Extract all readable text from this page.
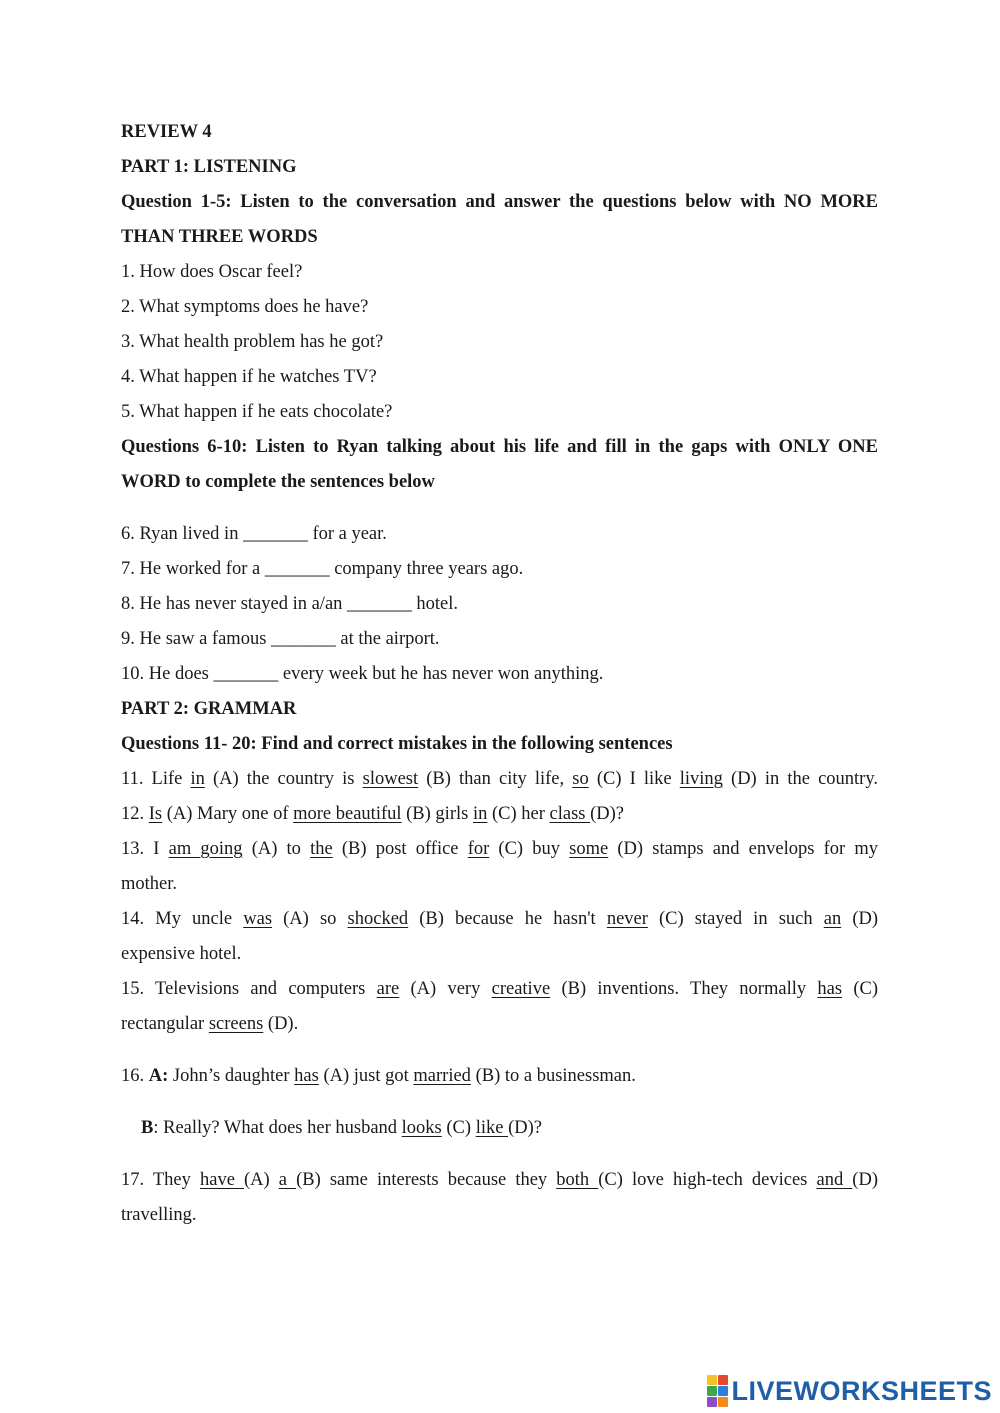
REVIEW 4
PART 1: LISTENING
Question 1-5: Listen to the conversation and answer the questions below with NO MORE
THAN THREE WORDS
1. How does Oscar feel?
2. What symptoms does he have?
3. What health problem has he got?
4. What happen if he watches TV?
5. What happen if he eats chocolate?
Questions 6-10: Listen to Ryan talking about his life and fill in the gaps with ONLY ONE
WORD to complete the sentences below
6. Ryan lived in _______ for a year.
7. He worked for a _______ company three years ago.
8. He has never stayed in a/an _______ hotel.
9. He saw a famous _______ at the airport.
10. He does _______ every week but he has never won anything.
PART 2: GRAMMAR
Questions 11- 20: Find and correct mistakes in the following sentences
11. Life in (A) the country is slowest (B) than city life, so (C) I like living (D) in the country.
12. Is (A) Mary one of more beautiful (B) girls in (C) her class (D)?
13. I am going (A) to the (B) post office for (C) buy some (D) stamps and envelops for my
mother.
14. My uncle was (A) so shocked (B) because he hasn't never (C) stayed in such an (D)
expensive hotel.
15. Televisions and computers are (A) very creative (B) inventions. They normally has (C)
rectangular screens (D).
16. A: John’s daughter has (A) just got married (B) to a businessman.
B: Really? What does her husband looks (C) like (D)?
17. They have (A) a (B) same interests because they both (C) love high-tech devices and (D)
travelling.
LIVEWORKSHEETS
